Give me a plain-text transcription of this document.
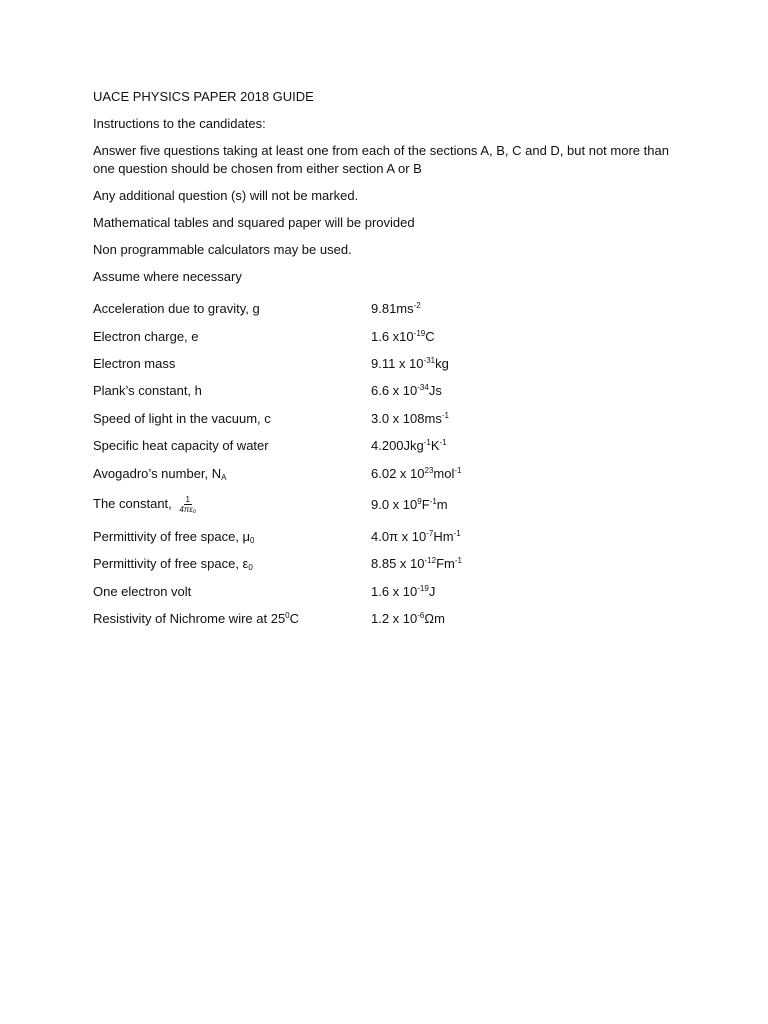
UACE PHYSICS PAPER 2018 GUIDE
Instructions to the candidates:
Answer five questions taking at least one from each of the sections A, B, C and D, but not more than one question should be chosen from either section A or B
Any additional question (s) will not be marked.
Mathematical tables and squared paper will be provided
Non programmable calculators may be used.
Assume where necessary
Acceleration due to gravity, g	$9.81ms^{-2}$
Electron charge, e	1.6 $x10^{-19}C$
Electron mass	9.11 x $10^{-31}kg$
Plank’s constant, h	6.6 x $10^{-34}Js$
Speed of light in the vacuum, c	3.0 x $108ms^{-1}$
Specific heat capacity of water	$4.200Jkg^{-1}K^{-1}$
Avogadro’s number, $N_A$	6.02 x $10^{23}mol^{-1}$
The constant, $\frac{1}{\text{4πε₀}}$	9.0 x $10^9F^{-1}m$
Permittivity of free space, $\mu_0$	4.0π x $10^{-7}Hm^{-1}$
Permittivity of free space, $\varepsilon_0$	8.85 x $10^{-12}Fm^{-1}$
One electron volt	1.6 x $10^{-19}J$
Resistivity of Nichrome wire at $25^0C$	1.2 x $10^{-6}\Omega m$
